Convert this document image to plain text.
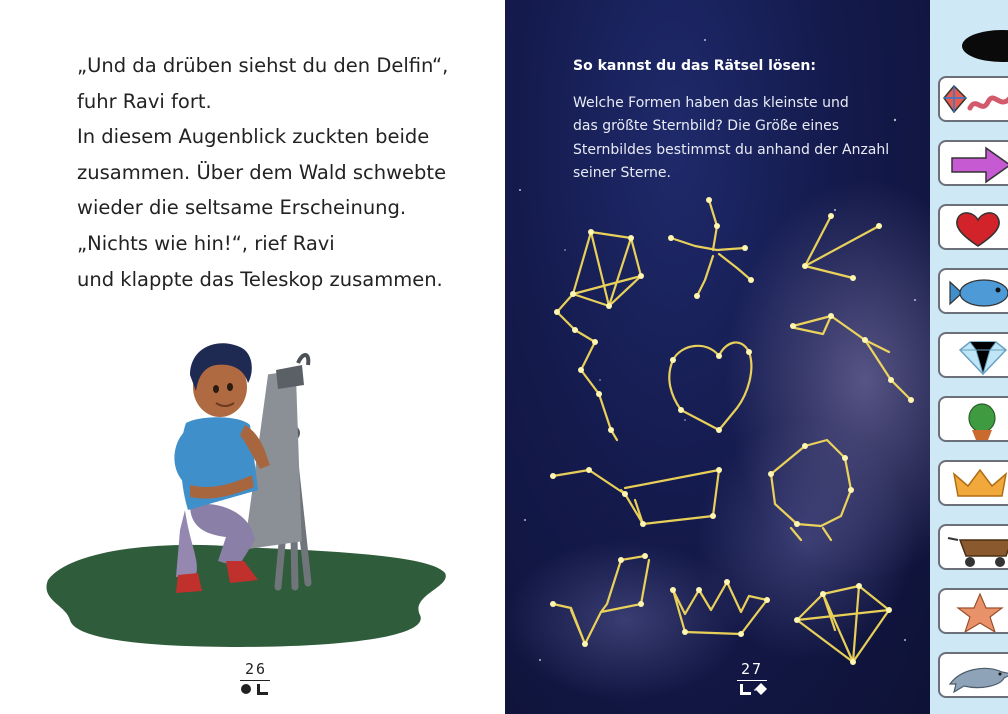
„Und da drüben siehst du den Delfin“,
fuhr Ravi fort.
In diesem Augenblick zuckten beide
zusammen. Über dem Wald schwebte
wieder die seltsame Erscheinung.
„Nichts wie hin!“, rief Ravi
und klappte das Teleskop zusammen.
26
So kannst du das Rätsel lösen:
Welche Formen haben das kleinste und
das größte Sternbild? Die Größe eines
Sternbildes bestimmst du anhand der Anzahl
seiner Sterne.
27
